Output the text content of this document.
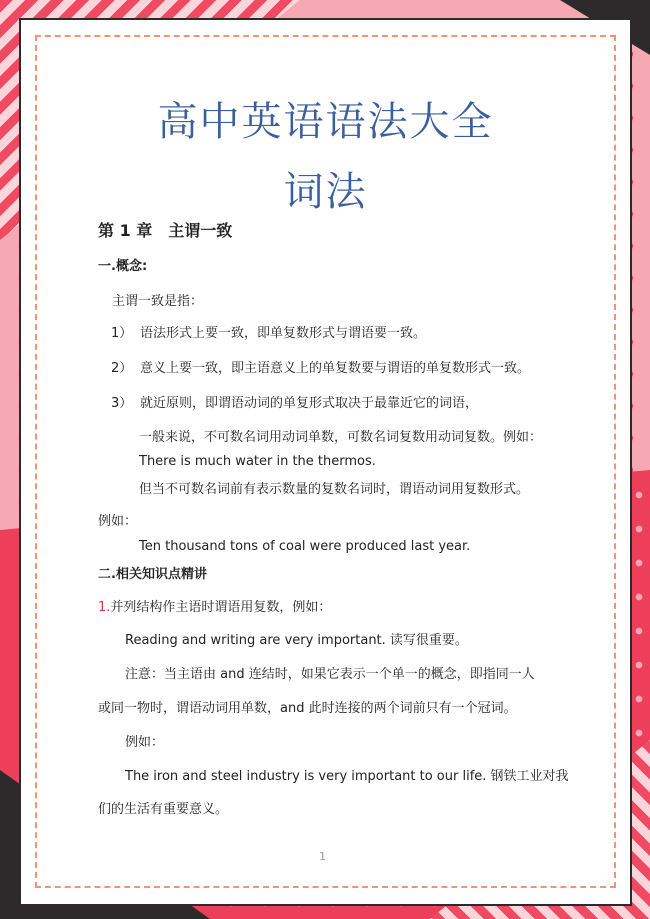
高中英语语法大全
词法
第 1 章　主谓一致
一.概念:
主谓一致是指：
1） 语法形式上要一致，即单复数形式与谓语要一致。
2） 意义上要一致，即主语意义上的单复数要与谓语的单复数形式一致。
3） 就近原则，即谓语动词的单复形式取决于最靠近它的词语，
一般来说，不可数名词用动词单数，可数名词复数用动词复数。例如：
There is much water in the thermos.
但当不可数名词前有表示数量的复数名词时，谓语动词用复数形式。
例如：
Ten thousand tons of coal were produced last year.
二.相关知识点精讲
1.并列结构作主语时谓语用复数，例如：
Reading and writing are very important. 读写很重要。
注意：当主语由 and 连结时，如果它表示一个单一的概念，即指同一人
或同一物时，谓语动词用单数，and 此时连接的两个词前只有一个冠词。
例如：
The iron and steel industry is very important to our life. 钢铁工业对我
们的生活有重要意义。
1
